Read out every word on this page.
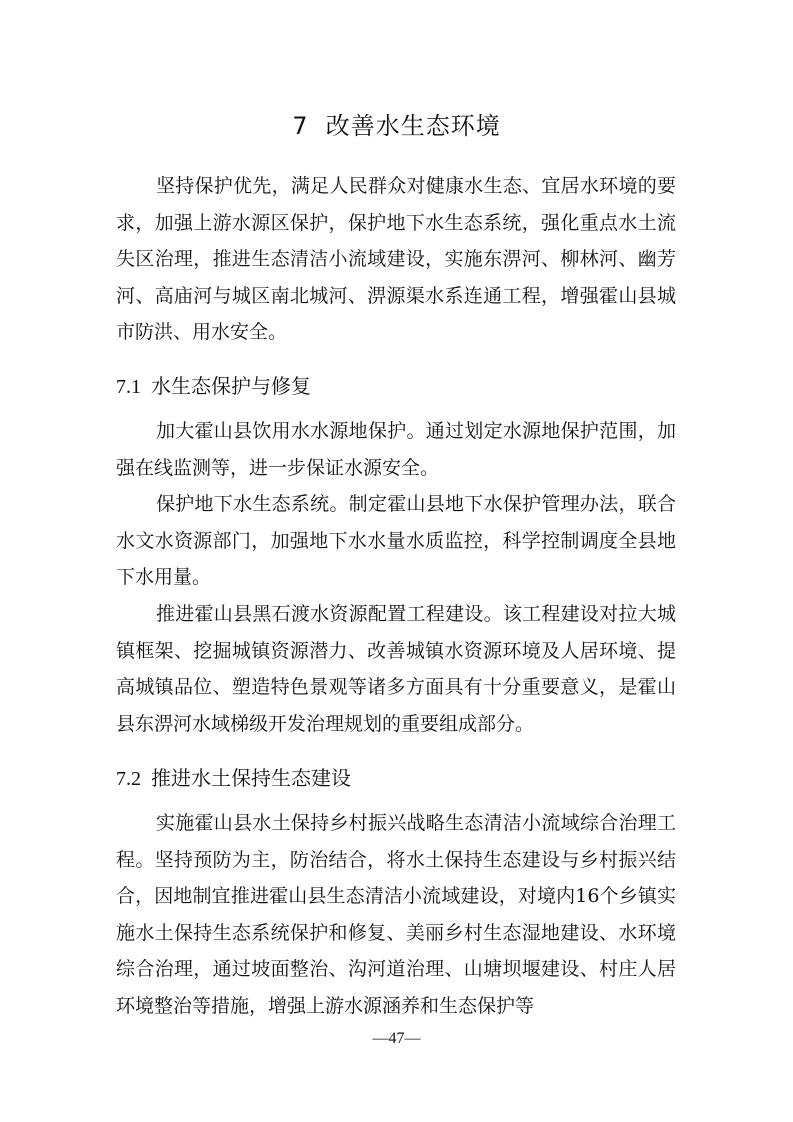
7 改善水生态环境

坚持保护优先，满足人民群众对健康水生态、宜居水环境的要求，加强上游水源区保护，保护地下水生态系统，强化重点水土流失区治理，推进生态清洁小流域建设，实施东淠河、柳林河、幽芳河、高庙河与城区南北城河、淠源渠水系连通工程，增强霍山县城市防洪、用水安全。

7.1 水生态保护与修复

加大霍山县饮用水水源地保护。通过划定水源地保护范围，加强在线监测等，进一步保证水源安全。

保护地下水生态系统。制定霍山县地下水保护管理办法，联合水文水资源部门，加强地下水水量水质监控，科学控制调度全县地下水用量。

推进霍山县黑石渡水资源配置工程建设。该工程建设对拉大城镇框架、挖掘城镇资源潜力、改善城镇水资源环境及人居环境、提高城镇品位、塑造特色景观等诸多方面具有十分重要意义，是霍山县东淠河水域梯级开发治理规划的重要组成部分。

7.2 推进水土保持生态建设

实施霍山县水土保持乡村振兴战略生态清洁小流域综合治理工程。坚持预防为主，防治结合，将水土保持生态建设与乡村振兴结合，因地制宜推进霍山县生态清洁小流域建设，对境内16个乡镇实施水土保持生态系统保护和修复、美丽乡村生态湿地建设、水环境综合治理，通过坡面整治、沟河道治理、山塘坝堰建设、村庄人居环境整治等措施，增强上游水源涵养和生态保护等

—47—
